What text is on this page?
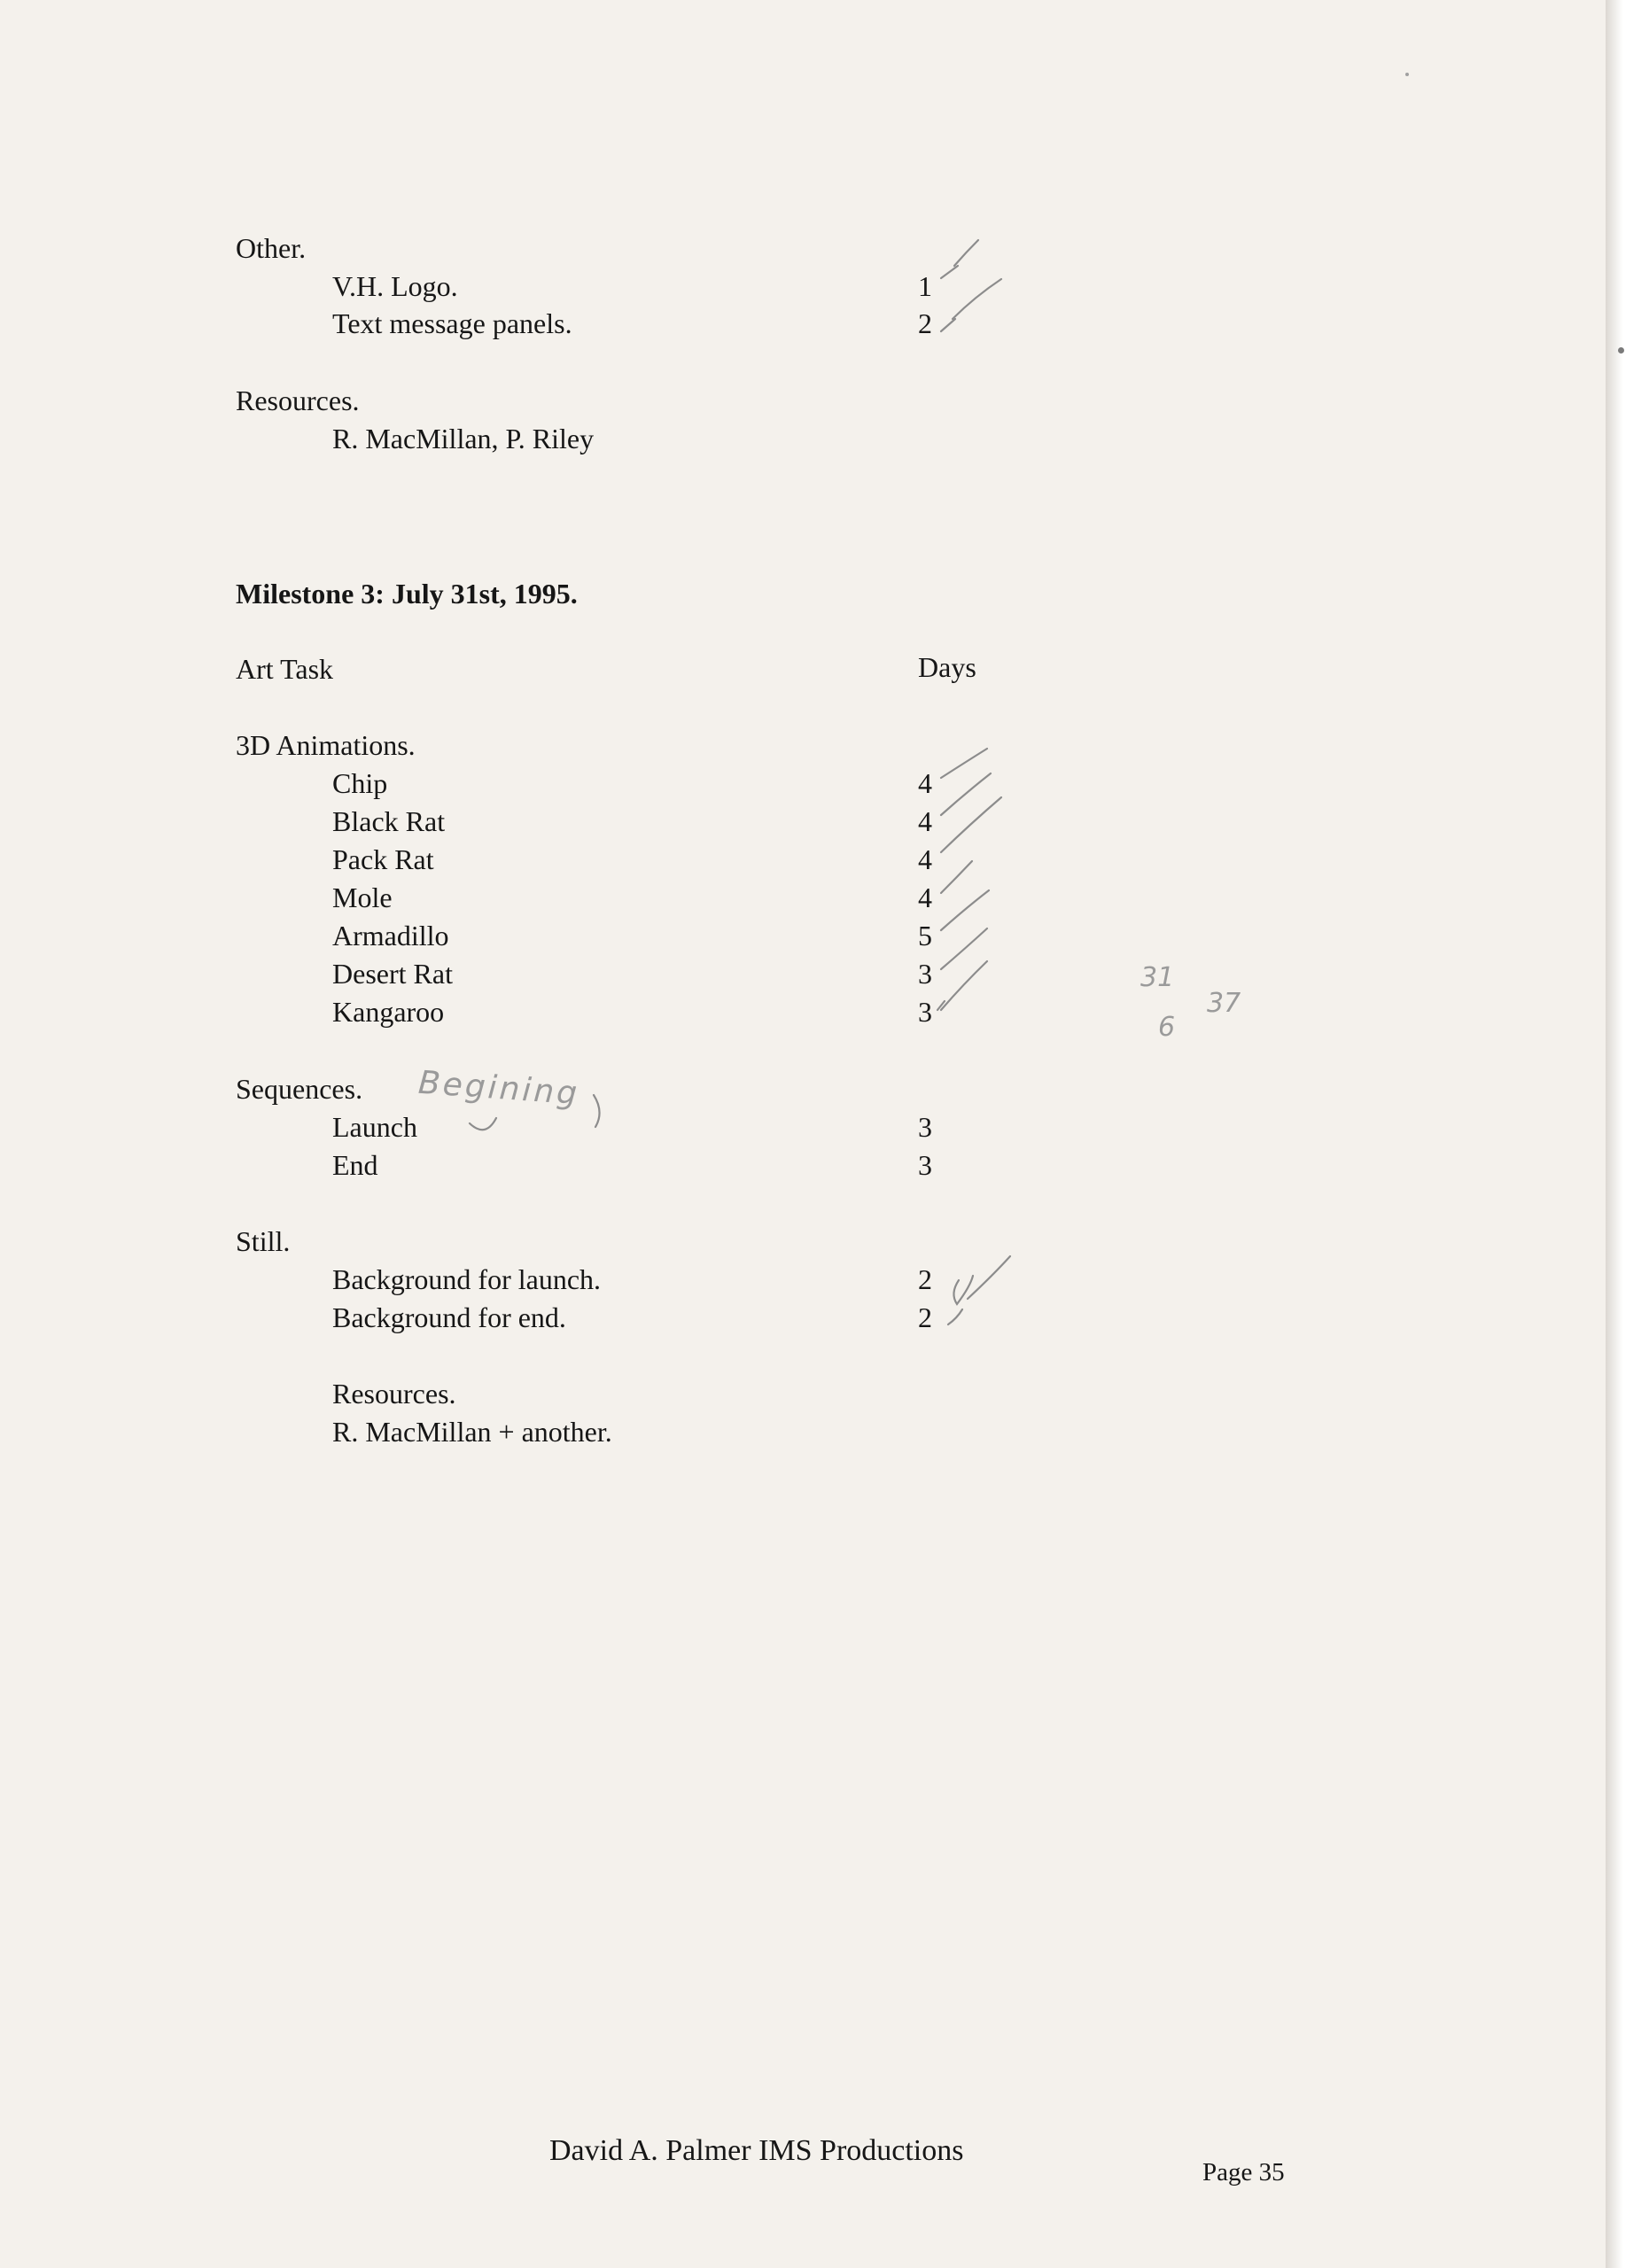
Other.
V.H. Logo.	1
Text message panels.	2
Resources.
R. MacMillan, P. Riley
Milestone 3: July 31st, 1995.
Art Task	Days
3D Animations.
Chip	4
Black Rat	4
Pack Rat	4
Mole	4
Armadillo	5
Desert Rat	3
Kangaroo	3
Sequences.
Launch	3
End	3
Still.
Background for launch.	2
Background for end.	2
Resources.
R. MacMillan + another.
David A. Palmer IMS Productions
Page 35
Begining
31
6
37
